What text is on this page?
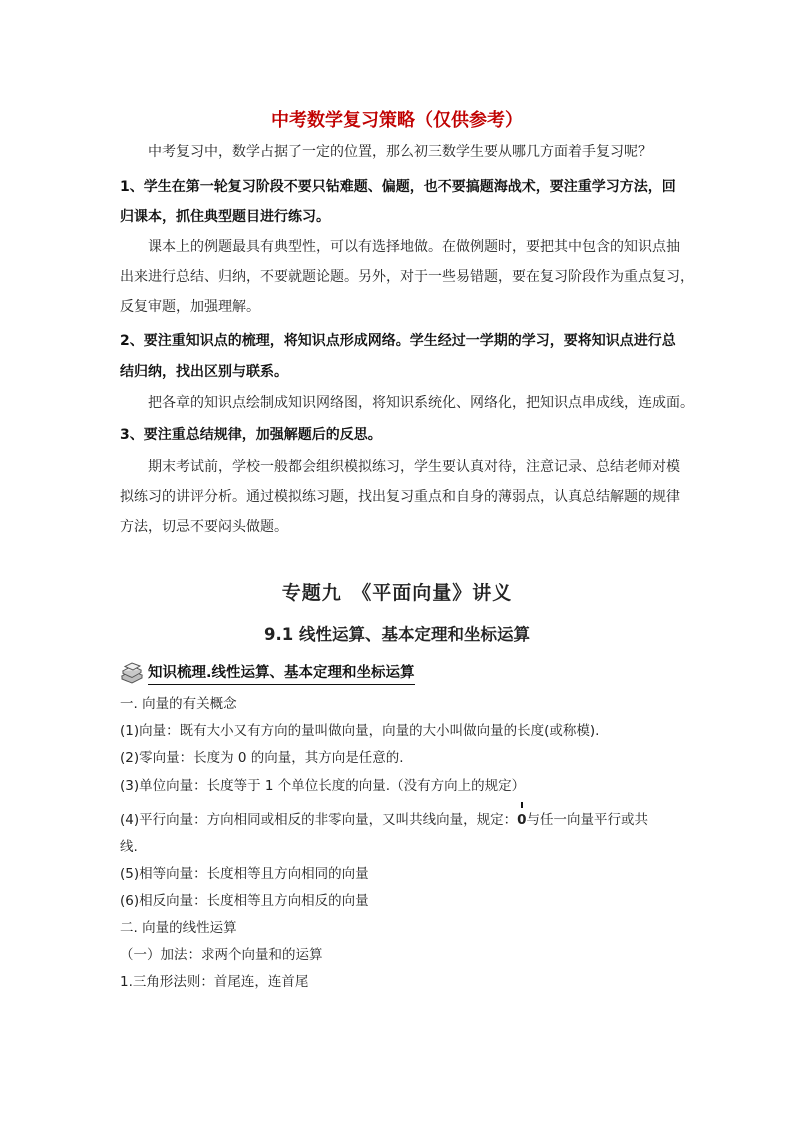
中考数学复习策略（仅供参考）
中考复习中，数学占据了一定的位置，那么初三数学生要从哪几方面着手复习呢？
1、学生在第一轮复习阶段不要只钻难题、偏题，也不要搞题海战术，要注重学习方法，回
归课本，抓住典型题目进行练习。
课本上的例题最具有典型性，可以有选择地做。在做例题时，要把其中包含的知识点抽
出来进行总结、归纳，不要就题论题。另外，对于一些易错题，要在复习阶段作为重点复习，
反复审题，加强理解。
2、要注重知识点的梳理，将知识点形成网络。学生经过一学期的学习，要将知识点进行总
结归纳，找出区别与联系。
把各章的知识点绘制成知识网络图，将知识系统化、网络化，把知识点串成线，连成面。
3、要注重总结规律，加强解题后的反思。
期末考试前，学校一般都会组织模拟练习，学生要认真对待，注意记录、总结老师对模
拟练习的讲评分析。通过模拟练习题，找出复习重点和自身的薄弱点，认真总结解题的规律
方法，切忌不要闷头做题。
专题九　《平面向量》讲义
9.1 线性运算、基本定理和坐标运算
知识梳理.线性运算、基本定理和坐标运算
一. 向量的有关概念
(1)向量：既有大小又有方向的量叫做向量，向量的大小叫做向量的长度(或称模).
(2)零向量：长度为 0 的向量，其方向是任意的.
(3)单位向量：长度等于 1 个单位长度的向量.（没有方向上的规定）
(4)平行向量：方向相同或相反的非零向量，又叫共线向量，规定：
0与任一向量平行或共
线.
(5)相等向量：长度相等且方向相同的向量
(6)相反向量：长度相等且方向相反的向量
二. 向量的线性运算
（一）加法：求两个向量和的运算
1.三角形法则：首尾连，连首尾
